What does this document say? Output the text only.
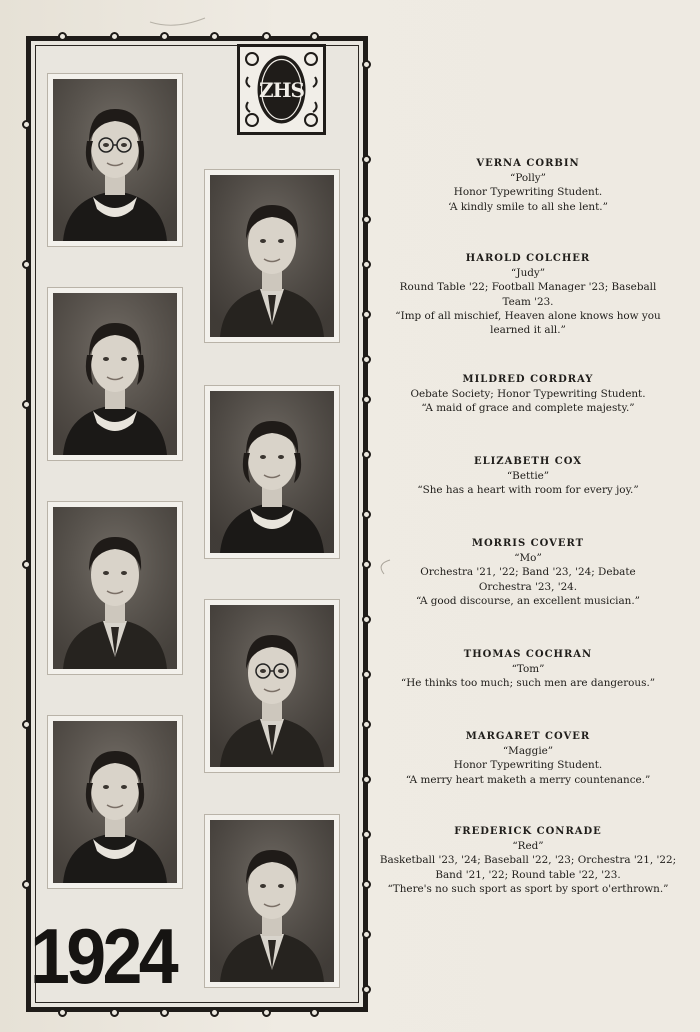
ZHS
1924
VERNA CORBIN
“Polly”
Honor Typewriting Student.
‘A kindly smile to all she lent.”
HAROLD COLCHER
“Judy”
Round Table '22; Football Manager '23; Baseball
Team '23.
“Imp of all mischief, Heaven alone knows how you
learned it all.”
MILDRED CORDRAY
Oebate Society; Honor Typewriting Student.
“A maid of grace and complete majesty.”
ELIZABETH COX
“Bettie”
“She has a heart with room for every joy.”
MORRIS COVERT
“Mo”
Orchestra '21, '22; Band '23, '24; Debate
Orchestra '23, '24.
“A good discourse, an excellent musician.”
THOMAS COCHRAN
“Tom”
“He thinks too much; such men are dangerous.”
MARGARET COVER
“Maggie”
Honor Typewriting Student.
“A merry heart maketh a merry countenance.”
FREDERICK CONRADE
“Red”
Basketball '23, '24; Baseball '22, '23; Orchestra '21, '22;
Band '21, '22; Round table '22, '23.
“There's no such sport as sport by sport o'erthrown.”
